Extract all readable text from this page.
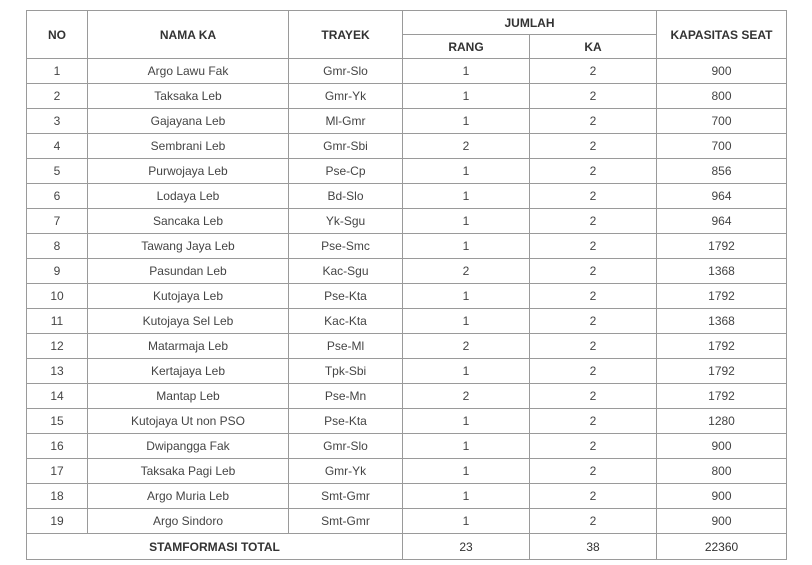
NO	NAMA KA	TRAYEK	JUMLAH		KAPASITAS SEAT
			RANG	KA	
1	Argo Lawu Fak	Gmr-Slo	1	2	900
2	Taksaka Leb	Gmr-Yk	1	2	800
3	Gajayana Leb	Ml-Gmr	1	2	700
4	Sembrani Leb	Gmr-Sbi	2	2	700
5	Purwojaya Leb	Pse-Cp	1	2	856
6	Lodaya Leb	Bd-Slo	1	2	964
7	Sancaka Leb	Yk-Sgu	1	2	964
8	Tawang Jaya Leb	Pse-Smc	1	2	1792
9	Pasundan Leb	Kac-Sgu	2	2	1368
10	Kutojaya Leb	Pse-Kta	1	2	1792
11	Kutojaya Sel Leb	Kac-Kta	1	2	1368
12	Matarmaja Leb	Pse-Ml	2	2	1792
13	Kertajaya Leb	Tpk-Sbi	1	2	1792
14	Mantap Leb	Pse-Mn	2	2	1792
15	Kutojaya Ut non PSO	Pse-Kta	1	2	1280
16	Dwipangga Fak	Gmr-Slo	1	2	900
17	Taksaka Pagi Leb	Gmr-Yk	1	2	800
18	Argo Muria Leb	Smt-Gmr	1	2	900
19	Argo Sindoro	Smt-Gmr	1	2	900
STAMFORMASI TOTAL			23	38	22360
